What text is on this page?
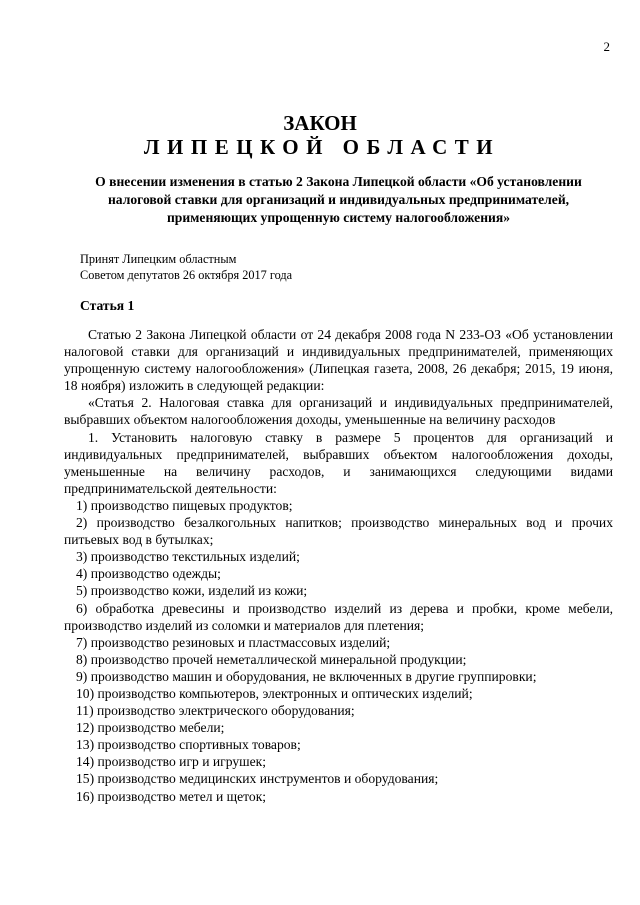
2
ЗАКОН
ЛИПЕЦКОЙ ОБЛАСТИ
О внесении изменения в статью 2 Закона Липецкой области «Об установлении налоговой ставки для организаций и индивидуальных предпринимателей, применяющих упрощенную систему налогообложения»
Принят Липецким областным
Советом депутатов 26 октября 2017 года
Статья 1

Статью 2 Закона Липецкой области от 24 декабря 2008 года N 233-ОЗ «Об установлении налоговой ставки для организаций и индивидуальных предпринимателей, применяющих упрощенную систему налогообложения» (Липецкая газета, 2008, 26 декабря; 2015, 19 июня, 18 ноября) изложить в следующей редакции:

«Статья 2. Налоговая ставка для организаций и индивидуальных предпринимателей, выбравших объектом налогообложения доходы, уменьшенные на величину расходов

1. Установить налоговую ставку в размере 5 процентов для организаций и индивидуальных предпринимателей, выбравших объектом налогообложения доходы, уменьшенные на величину расходов, и занимающихся следующими видами предпринимательской деятельности:

1) производство пищевых продуктов;

2) производство безалкогольных напитков; производство минеральных вод и прочих питьевых вод в бутылках;

3) производство текстильных изделий;

4) производство одежды;

5) производство кожи, изделий из кожи;

6) обработка древесины и производство изделий из дерева и пробки, кроме мебели, производство изделий из соломки и материалов для плетения;

7) производство резиновых и пластмассовых изделий;

8) производство прочей неметаллической минеральной продукции;

9) производство машин и оборудования, не включенных в другие группировки;

10) производство компьютеров, электронных и оптических изделий;

11) производство электрического оборудования;

12) производство мебели;

13) производство спортивных товаров;

14) производство игр и игрушек;

15) производство медицинских инструментов и оборудования;

16) производство метел и щеток;
